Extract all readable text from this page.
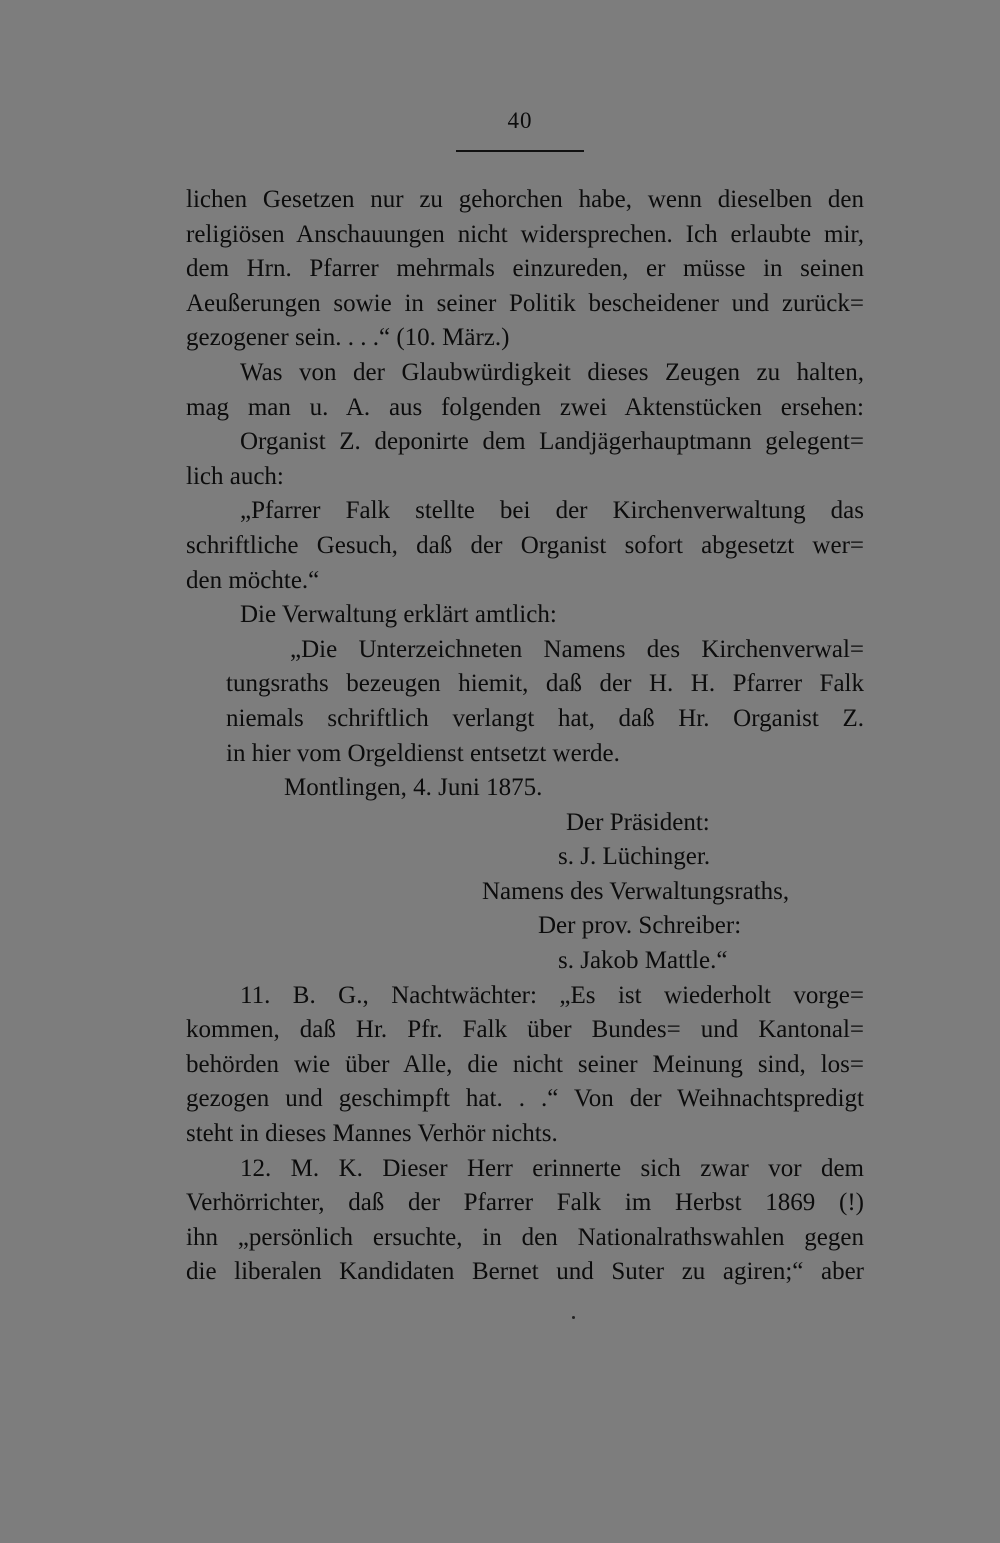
40
lichen Gesetzen nur zu gehorchen habe, wenn dieselben den
religiösen Anschauungen nicht widersprechen. Ich erlaubte mir,
dem Hrn. Pfarrer mehrmals einzureden, er müsse in seinen
Aeußerungen sowie in seiner Politik bescheidener und zurück=
gezogener sein. . . .“ (10. März.)
Was von der Glaubwürdigkeit dieses Zeugen zu halten,
mag man u. A. aus folgenden zwei Aktenstücken ersehen:
Organist Z. deponirte dem Landjägerhauptmann gelegent=
lich auch:
„Pfarrer Falk stellte bei der Kirchenverwaltung das
schriftliche Gesuch, daß der Organist sofort abgesetzt wer=
den möchte.“
Die Verwaltung erklärt amtlich:
„Die Unterzeichneten Namens des Kirchenverwal=
tungsraths bezeugen hiemit, daß der H. H. Pfarrer Falk
niemals schriftlich verlangt hat, daß Hr. Organist Z.
in hier vom Orgeldienst entsetzt werde.
Montlingen, 4. Juni 1875.
Der Präsident:
s. J. Lüchinger.
Namens des Verwaltungsraths,
Der prov. Schreiber:
s. Jakob Mattle.“
11. B. G., Nachtwächter: „Es ist wiederholt vorge=
kommen, daß Hr. Pfr. Falk über Bundes= und Kantonal=
behörden wie über Alle, die nicht seiner Meinung sind, los=
gezogen und geschimpft hat. . .“ Von der Weihnachtspredigt
steht in dieses Mannes Verhör nichts.
12. M. K. Dieser Herr erinnerte sich zwar vor dem
Verhörrichter, daß der Pfarrer Falk im Herbst 1869 (!)
ihn „persönlich ersuchte, in den Nationalrathswahlen gegen
die liberalen Kandidaten Bernet und Suter zu agiren;“ aber
